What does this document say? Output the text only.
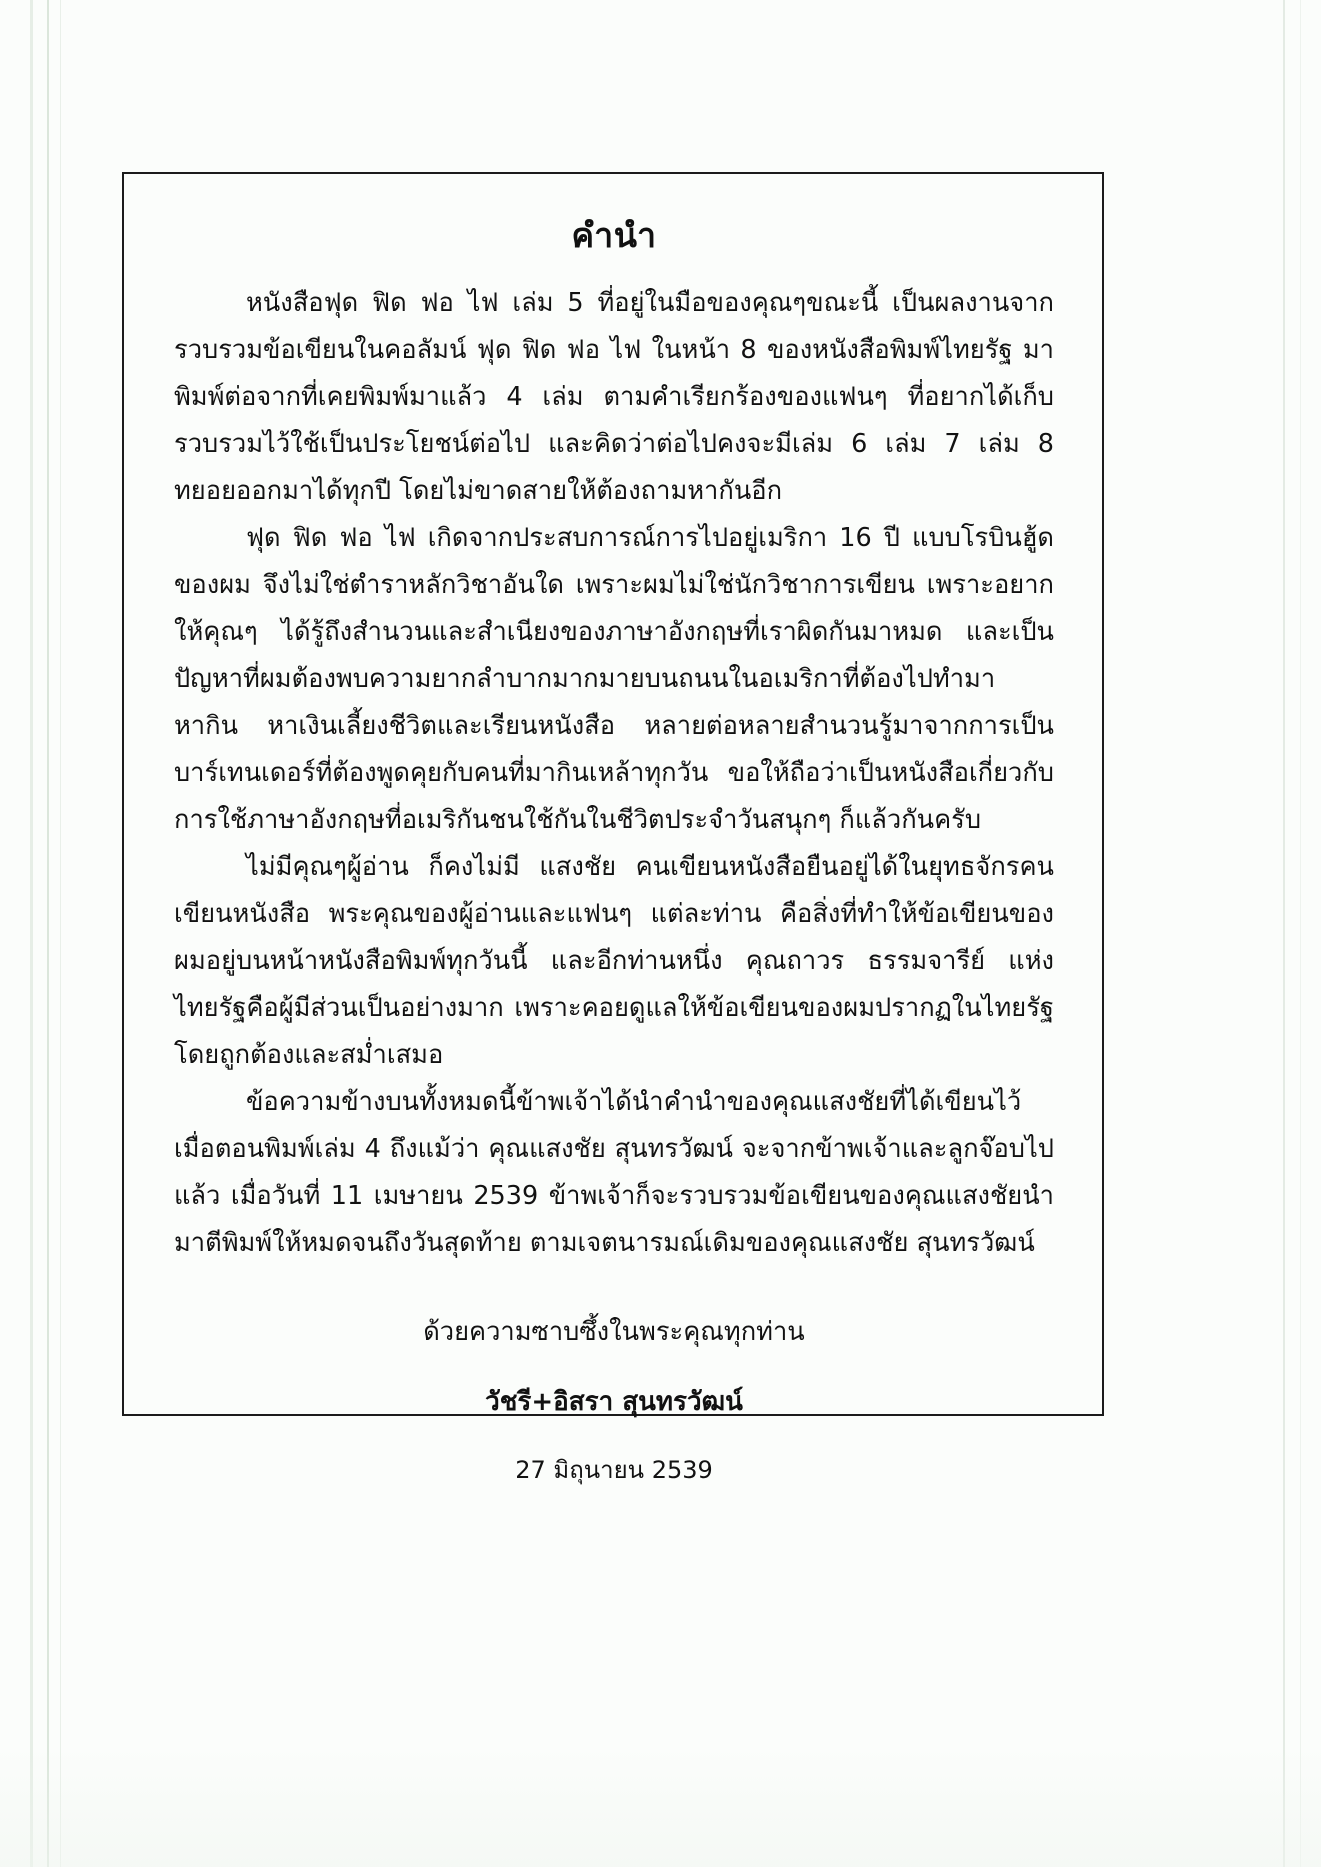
คำนำ

หนังสือฟุด ฟิด ฟอ ไฟ เล่ม 5 ที่อยู่ในมือของคุณๆขณะนี้ เป็นผลงานจากรวบรวมข้อเขียนในคอลัมน์ ฟุด ฟิด ฟอ ไฟ ในหน้า 8 ของหนังสือพิมพ์ไทยรัฐ มาพิมพ์ต่อจากที่เคยพิมพ์มาแล้ว 4 เล่ม ตามคำเรียกร้องของแฟนๆ ที่อยากได้เก็บรวบรวมไว้ใช้เป็นประโยชน์ต่อไป และคิดว่าต่อไปคงจะมีเล่ม 6 เล่ม 7 เล่ม 8 ทยอยออกมาได้ทุกปี โดยไม่ขาดสายให้ต้องถามหากันอีก

ฟุด ฟิด ฟอ ไฟ เกิดจากประสบการณ์การไปอยู่เมริกา 16 ปี แบบโรบินฮู้ดของผม จึงไม่ใช่ตำราหลักวิชาอันใด เพราะผมไม่ใช่นักวิชาการเขียน เพราะอยากให้คุณๆ ได้รู้ถึงสำนวนและสำเนียงของภาษาอังกฤษที่เราผิดกันมาหมด และเป็นปัญหาที่ผมต้องพบความยากลำบากมากมายบนถนนในอเมริกาที่ต้องไปทำมาหากิน หาเงินเลี้ยงชีวิตและเรียนหนังสือ หลายต่อหลายสำนวนรู้มาจากการเป็นบาร์เทนเดอร์ที่ต้องพูดคุยกับคนที่มากินเหล้าทุกวัน ขอให้ถือว่าเป็นหนังสือเกี่ยวกับการใช้ภาษาอังกฤษที่อเมริกันชนใช้กันในชีวิตประจำวันสนุกๆ ก็แล้วกันครับ

ไม่มีคุณๆผู้อ่าน ก็คงไม่มี แสงชัย คนเขียนหนังสือยืนอยู่ได้ในยุทธจักรคนเขียนหนังสือ พระคุณของผู้อ่านและแฟนๆ แต่ละท่าน คือสิ่งที่ทำให้ข้อเขียนของผมอยู่บนหน้าหนังสือพิมพ์ทุกวันนี้ และอีกท่านหนึ่ง คุณถาวร ธรรมจารีย์ แห่งไทยรัฐคือผู้มีส่วนเป็นอย่างมาก เพราะคอยดูแลให้ข้อเขียนของผมปรากฏในไทยรัฐ โดยถูกต้องและสม่ำเสมอ

ข้อความข้างบนทั้งหมดนี้ข้าพเจ้าได้นำคำนำของคุณแสงชัยที่ได้เขียนไว้เมื่อตอนพิมพ์เล่ม 4 ถึงแม้ว่า คุณแสงชัย สุนทรวัฒน์ จะจากข้าพเจ้าและลูกจ๊อบไปแล้ว เมื่อวันที่ 11 เมษายน 2539 ข้าพเจ้าก็จะรวบรวมข้อเขียนของคุณแสงชัยนำมาตีพิมพ์ให้หมดจนถึงวันสุดท้าย ตามเจตนารมณ์เดิมของคุณแสงชัย สุนทรวัฒน์

ด้วยความซาบซึ้งในพระคุณทุกท่าน
วัชรี+อิสรา สุนทรวัฒน์
27 มิถุนายน 2539
